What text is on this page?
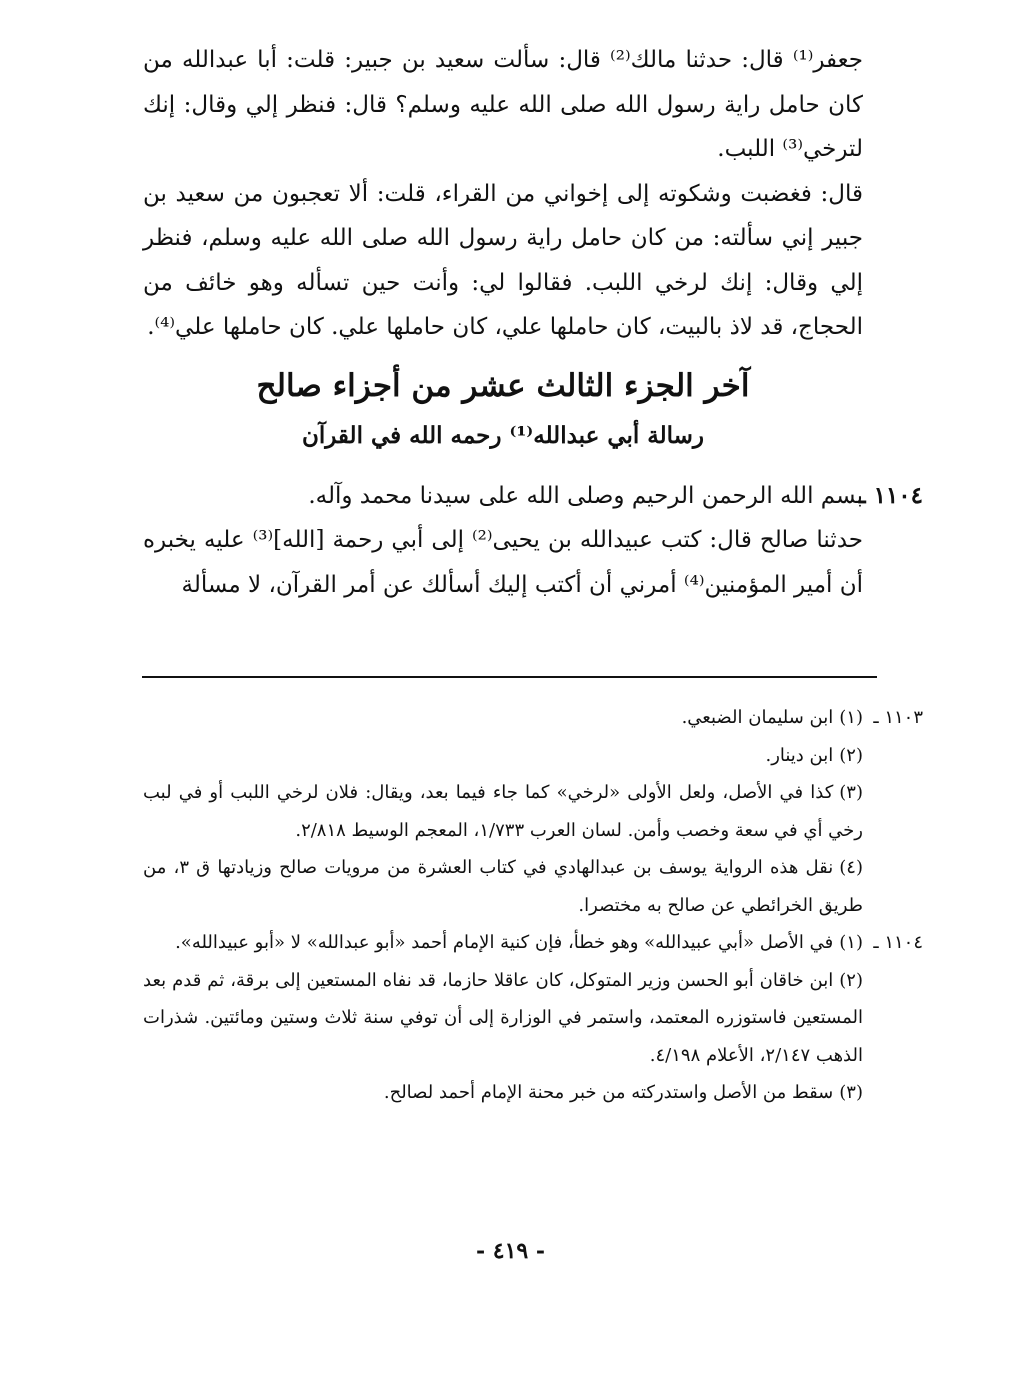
جعفر⁽¹⁾ قال: حدثنا مالك⁽²⁾ قال: سألت سعيد بن جبير: قلت: أبا عبدالله من كان حامل راية رسول الله صلى الله عليه وسلم؟ قال: فنظر إلي وقال: إنك لترخي⁽³⁾ اللبب.

قال: فغضبت وشكوته إلى إخواني من القراء، قلت: ألا تعجبون من سعيد بن جبير إني سألته: من كان حامل راية رسول الله صلى الله عليه وسلم، فنظر إلي وقال: إنك لرخي اللبب. فقالوا لي: وأنت حين تسأله وهو خائف من الحجاج، قد لاذ بالبيت، كان حاملها علي، كان حاملها علي. كان حاملها علي⁽⁴⁾.

آخر الجزء الثالث عشر من أجزاء صالح
رسالة أبي عبدالله⁽¹⁾ رحمه الله في القرآن
١١٠٤ ـ

بسم الله الرحمن الرحيم وصلى الله على سيدنا محمد وآله.

حدثنا صالح قال: كتب عبيدالله بن يحيى⁽²⁾ إلى أبي رحمة [الله]⁽³⁾ عليه يخبره أن أمير المؤمنين⁽⁴⁾ أمرني أن أكتب إليك أسألك عن أمر القرآن، لا مسألة

١١٠٣ ـ
(١)ابن سليمان الضبعي.

(٢)ابن دينار.

(٣)كذا في الأصل، ولعل الأولى «لرخي» كما جاء فيما بعد، ويقال: فلان لرخي اللبب أو في لبب رخي أي في سعة وخصب وأمن. لسان العرب ١/٧٣٣، المعجم الوسيط ٢/٨١٨.

(٤)نقل هذه الرواية يوسف بن عبدالهادي في كتاب العشرة من مرويات صالح وزيادتها ق ٣، من طريق الخرائطي عن صالح به مختصرا.

١١٠٤ ـ
(١)في الأصل «أبي عبيدالله» وهو خطأ، فإن كنية الإمام أحمد «أبو عبدالله» لا «أبو عبيدالله».

(٢)ابن خاقان أبو الحسن وزير المتوكل، كان عاقلا حازما، قد نفاه المستعين إلى برقة، ثم قدم بعد المستعين فاستوزره المعتمد، واستمر في الوزارة إلى أن توفي سنة ثلاث وستين ومائتين. شذرات الذهب ٢/١٤٧، الأعلام ٤/١٩٨.

(٣)سقط من الأصل واستدركته من خبر محنة الإمام أحمد لصالح.

- ٤١٩ -
